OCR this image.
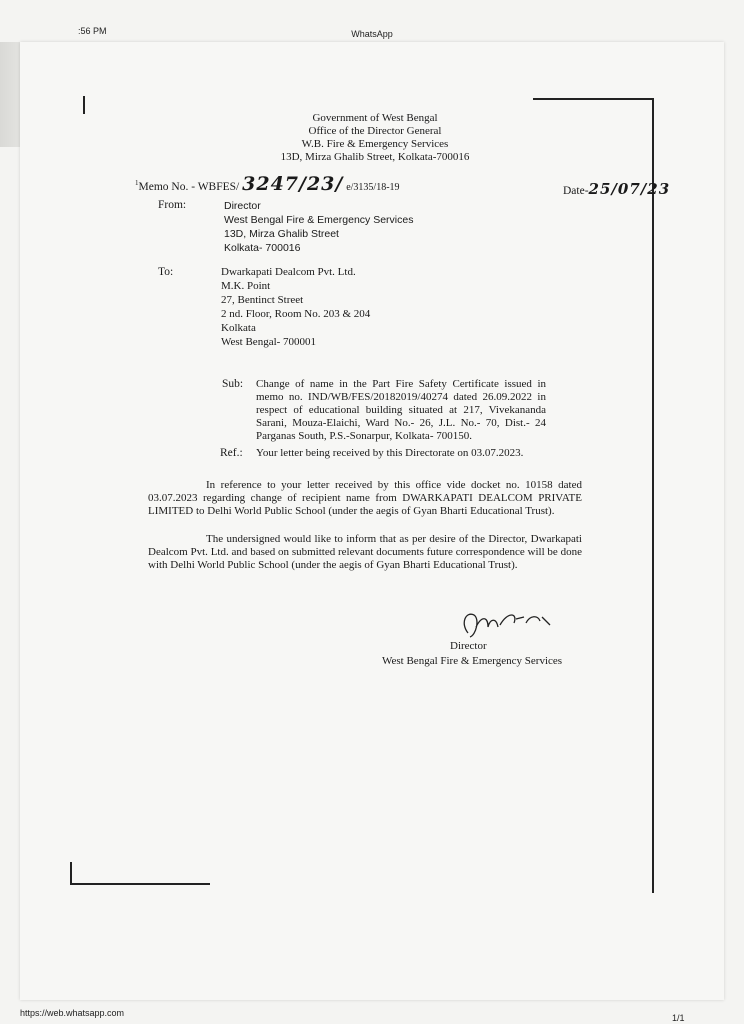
:56 PM	WhatsApp
Government of West Bengal
Office of the Director General
W.B. Fire & Emergency Services
13D, Mirza Ghalib Street, Kolkata-700016
$^1$Memo No. - WBFES/ 3247/23/ e/3135/18-19	Date-25/07/23
From:	Director
West Bengal Fire & Emergency Services
13D, Mirza Ghalib Street
Kolkata- 700016
To:	Dwarkapati Dealcom Pvt. Ltd.
M.K. Point
27, Bentinct Street
2 nd. Floor, Room No. 203 & 204
Kolkata
West Bengal- 700001
Sub: Change of name in the Part Fire Safety Certificate issued in memo no. IND/WB/FES/20182019/40274 dated 26.09.2022 in respect of educational building situated at 217, Vivekananda Sarani, Mouza-Elaichi, Ward No.- 26, J.L. No.- 70, Dist.- 24 Parganas South, P.S.-Sonarpur, Kolkata- 700150.
Ref.: Your letter being received by this Directorate on 03.07.2023.
In reference to your letter received by this office vide docket no. 10158 dated 03.07.2023 regarding change of recipient name from DWARKAPATI DEALCOM PRIVATE LIMITED to Delhi World Public School (under the aegis of Gyan Bharti Educational Trust).
The undersigned would like to inform that as per desire of the Director, Dwarkapati Dealcom Pvt. Ltd. and based on submitted relevant documents future correspondence will be done with Delhi World Public School (under the aegis of Gyan Bharti Educational Trust).
Director
West Bengal Fire & Emergency Services
https://web.whatsapp.com	1/1
